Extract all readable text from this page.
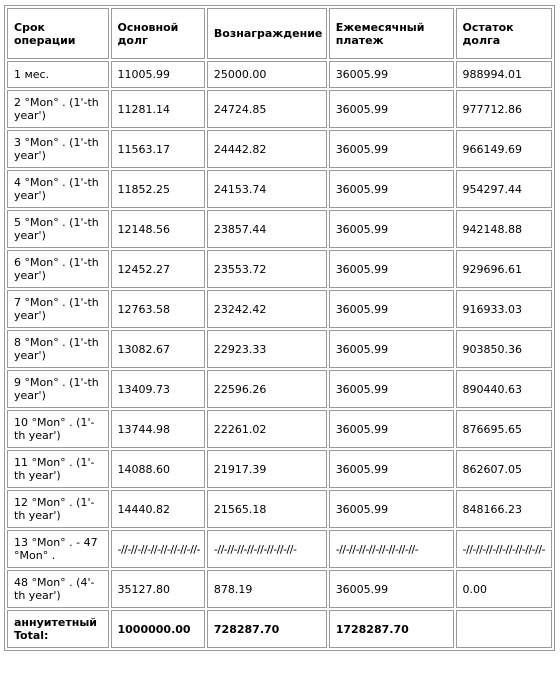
Срок операции	Основной долг	Вознаграждение	Ежемесячный платеж	Остаток долга
1 мес.	11005.99	25000.00	36005.99	988994.01
2 °Mon° . (1'-th year')	11281.14	24724.85	36005.99	977712.86
3 °Mon° . (1'-th year')	11563.17	24442.82	36005.99	966149.69
4 °Mon° . (1'-th year')	11852.25	24153.74	36005.99	954297.44
5 °Mon° . (1'-th year')	12148.56	23857.44	36005.99	942148.88
6 °Mon° . (1'-th year')	12452.27	23553.72	36005.99	929696.61
7 °Mon° . (1'-th year')	12763.58	23242.42	36005.99	916933.03
8 °Mon° . (1'-th year')	13082.67	22923.33	36005.99	903850.36
9 °Mon° . (1'-th year')	13409.73	22596.26	36005.99	890440.63
10 °Mon° . (1'-th year')	13744.98	22261.02	36005.99	876695.65
11 °Mon° . (1'-th year')	14088.60	21917.39	36005.99	862607.05
12 °Mon° . (1'-th year')	14440.82	21565.18	36005.99	848166.23
13 °Mon° . - 47 °Mon° .	-//-//-//-//-//-//-//-//-	-//-//-//-//-//-//-//-//-	-//-//-//-//-//-//-//-//-	-//-//-//-//-//-//-//-//-
48 °Mon° . (4'-th year')	35127.80	878.19	36005.99	0.00
аннуитетный Total:	1000000.00	728287.70	1728287.70	
